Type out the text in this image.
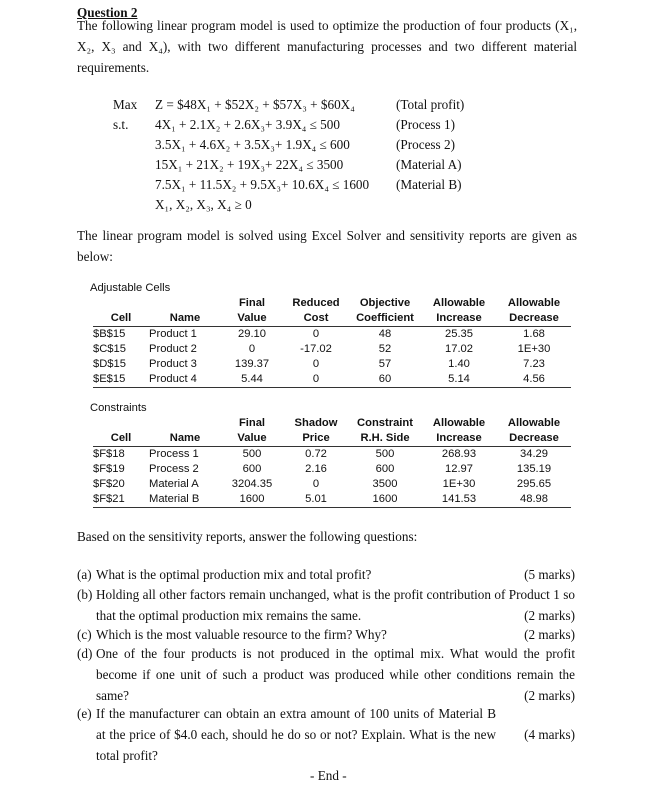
Question 2
The following linear program model is used to optimize the production of four products (X₁, X₂, X₃ and X₄), with two different manufacturing processes and two different material requirements.
Max Z = $48X₁ + $52X₂ + $57X₃ + $60X₄	(Total profit)
s.t. 4X₁ + 2.1X₂ + 2.6X₃+ 3.9X₄ ≤ 500	(Process 1)
3.5X₁ + 4.6X₂ + 3.5X₃+ 1.9X₄ ≤ 600	(Process 2)
15X₁ + 21X₂ + 19X₃+ 22X₄ ≤ 3500	(Material A)
7.5X₁ + 11.5X₂ + 9.5X₃+ 10.6X₄ ≤ 1600 (Material B)
X₁, X₂, X₃, X₄ ≥ 0
The linear program model is solved using Excel Solver and sensitivity reports are given as below:
Adjustable Cells
		Final	Reduced	Objective	Allowable	Allowable
Cell	Name	Value	Cost	Coefficient	Increase	Decrease
$B$15	Product 1	29.10	0	48	25.35	1.68
$C$15	Product 2	0	-17.02	52	17.02	1E+30
$D$15	Product 3	139.37	0	57	1.40	7.23
$E$15	Product 4	5.44	0	60	5.14	4.56
Constraints
		Final	Shadow	Constraint	Allowable	Allowable
Cell	Name	Value	Price	R.H. Side	Increase	Decrease
$F$18	Process 1	500	0.72	500	268.93	34.29
$F$19	Process 2	600	2.16	600	12.97	135.19
$F$20	Material A	3204.35	0	3500	1E+30	295.65
$F$21	Material B	1600	5.01	1600	141.53	48.98
Based on the sensitivity reports, answer the following questions:
(a) What is the optimal production mix and total profit?	(5 marks)
(b) Holding all other factors remain unchanged, what is the profit contribution of Product 1 so that the optimal production mix remains the same.	(2 marks)
(c) Which is the most valuable resource to the firm? Why?	(2 marks)
(d) One of the four products is not produced in the optimal mix. What would the profit become if one unit of such a product was produced while other conditions remain the same?	(2 marks)
(e) If the manufacturer can obtain an extra amount of 100 units of Material B at the price of $4.0 each, should he do so or not? Explain. What is the new total profit?
(4 marks)
- End -
